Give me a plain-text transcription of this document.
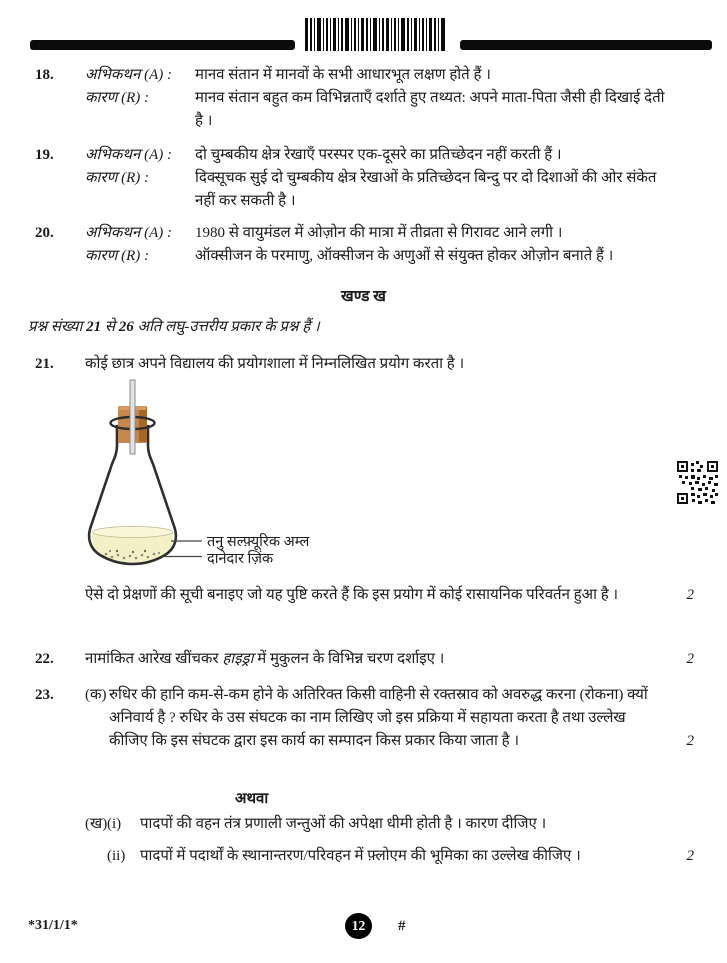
18.	अभिकथन (A) :	मानव संतान में मानवों के सभी आधारभूत लक्षण होते हैं ।
कारण (R) :	मानव संतान बहुत कम विभिन्नताएँ दर्शाते हुए तथ्यत: अपने माता-पिता जैसी ही दिखाई देती है ।
19.	अभिकथन (A) :	दो चुम्बकीय क्षेत्र रेखाएँ परस्पर एक-दूसरे का प्रतिच्छेदन नहीं करती हैं ।
कारण (R) :	दिक्सूचक सुई दो चुम्बकीय क्षेत्र रेखाओं के प्रतिच्छेदन बिन्दु पर दो दिशाओं की ओर संकेत नहीं कर सकती है ।
20.	अभिकथन (A) :	1980 से वायुमंडल में ओज़ोन की मात्रा में तीव्रता से गिरावट आने लगी ।
कारण (R) :	ऑक्सीजन के परमाणु, ऑक्सीजन के अणुओं से संयुक्त होकर ओज़ोन बनाते हैं ।
खण्ड ख
प्रश्न संख्या 21 से 26 अति लघु-उत्तरीय प्रकार के प्रश्न हैं ।
21.	कोई छात्र अपने विद्यालय की प्रयोगशाला में निम्नलिखित प्रयोग करता है ।
तनु सल्फ़्यूरिक अम्ल
दानेदार ज़िंक
ऐसे दो प्रेक्षणों की सूची बनाइए जो यह पुष्टि करते हैं कि इस प्रयोग में कोई रासायनिक परिवर्तन हुआ है ।	2
22.	नामांकित आरेख खींचकर हाइड्रा में मुकुलन के विभिन्न चरण दर्शाइए ।	2
23.	(क) रुधिर की हानि कम-से-कम होने के अतिरिक्त किसी वाहिनी से रक्तस्राव को अवरुद्ध करना (रोकना) क्यों अनिवार्य है ? रुधिर के उस संघटक का नाम लिखिए जो इस प्रक्रिया में सहायता करता है तथा उल्लेख कीजिए कि इस संघटक द्वारा इस कार्य का सम्पादन किस प्रकार किया जाता है ।	2
अथवा
(ख) (i)	पादपों की वहन तंत्र प्रणाली जन्तुओं की अपेक्षा धीमी होती है । कारण दीजिए ।
(ii) पादपों में पदार्थों के स्थानान्तरण/परिवहन में फ़्लोएम की भूमिका का उल्लेख कीजिए ।	2
*31/1/1*	12	#
